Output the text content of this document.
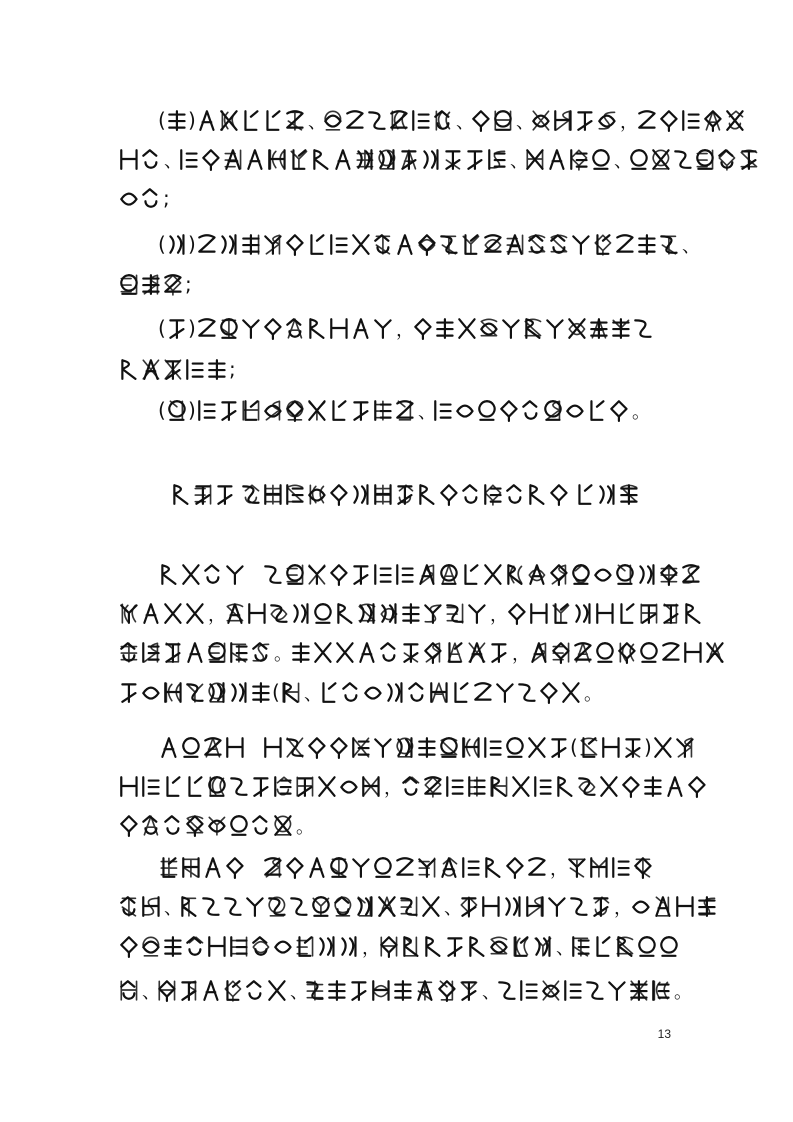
( )	、	、 、	，
、	、	、
;
( )	、
;
( )	，
;
( )	、	。
，	，
。	，
( 、	。
(	)
，
。
，
、	、	，
，	、
、	、	、	。
13
